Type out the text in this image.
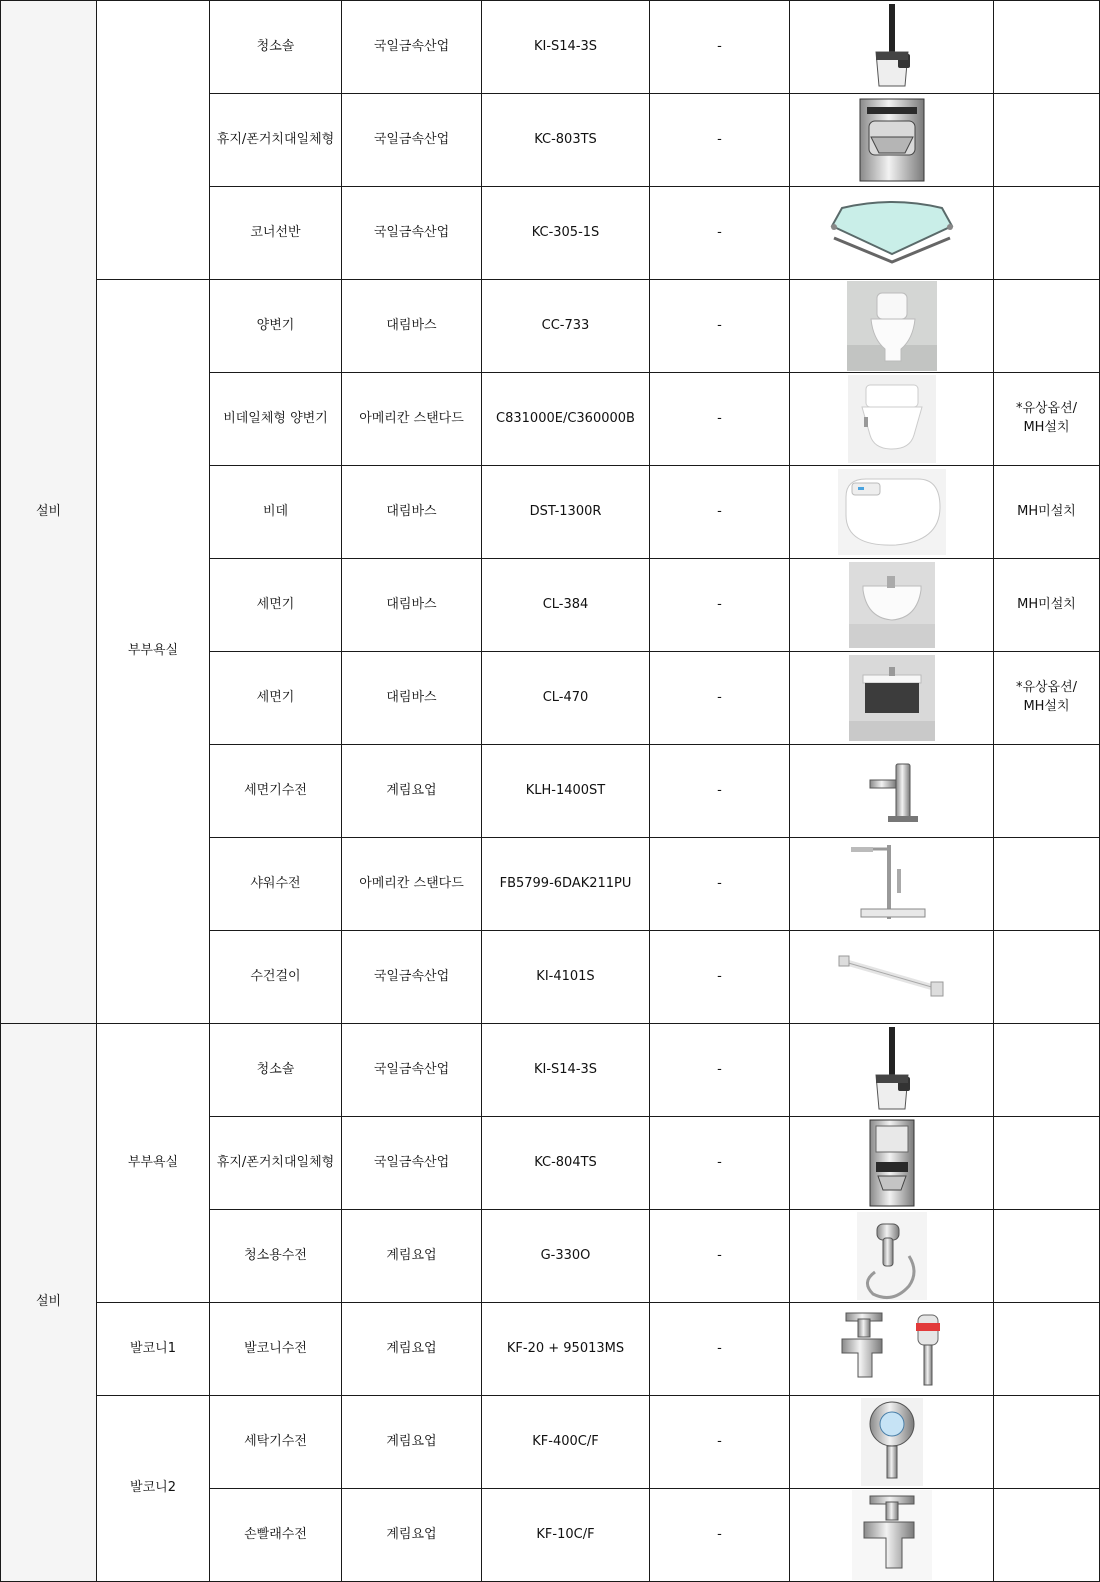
설비		청소솔	국일금속산업	KI-S14-3S	-	

		휴지/폰거치대일체형	국일금속산업	KC-803TS	-	

		코너선반	국일금속산업	KC-305-1S	-	

	부부욕실	양변기	대림바스	CC-733	-	

		비데일체형 양변기	아메리칸 스탠다드	C831000E/C360000B	-		*유상옵션/
MH설치
		비데	대림바스	DST-1300R	-		MH미설치
		세면기	대림바스	CL-384	-		MH미설치
		세면기	대림바스	CL-470	-		*유상옵션/
MH설치
		세면기수전	계림요업	KLH-1400ST	-	

		샤워수전	아메리칸 스탠다드	FB5799-6DAK211PU	-	

		수건걸이	국일금속산업	KI-4101S	-	

설비	부부욕실	청소솔	국일금속산업	KI-S14-3S	-	

		휴지/폰거치대일체형	국일금속산업	KC-804TS	-	

		청소용수전	계림요업	G-330O	-	

	발코니1	발코니수전	계림요업	KF-20 + 95013MS	-	

	발코니2	세탁기수전	계림요업	KF-400C/F	-	

		손빨래수전	계림요업	KF-10C/F	-	
